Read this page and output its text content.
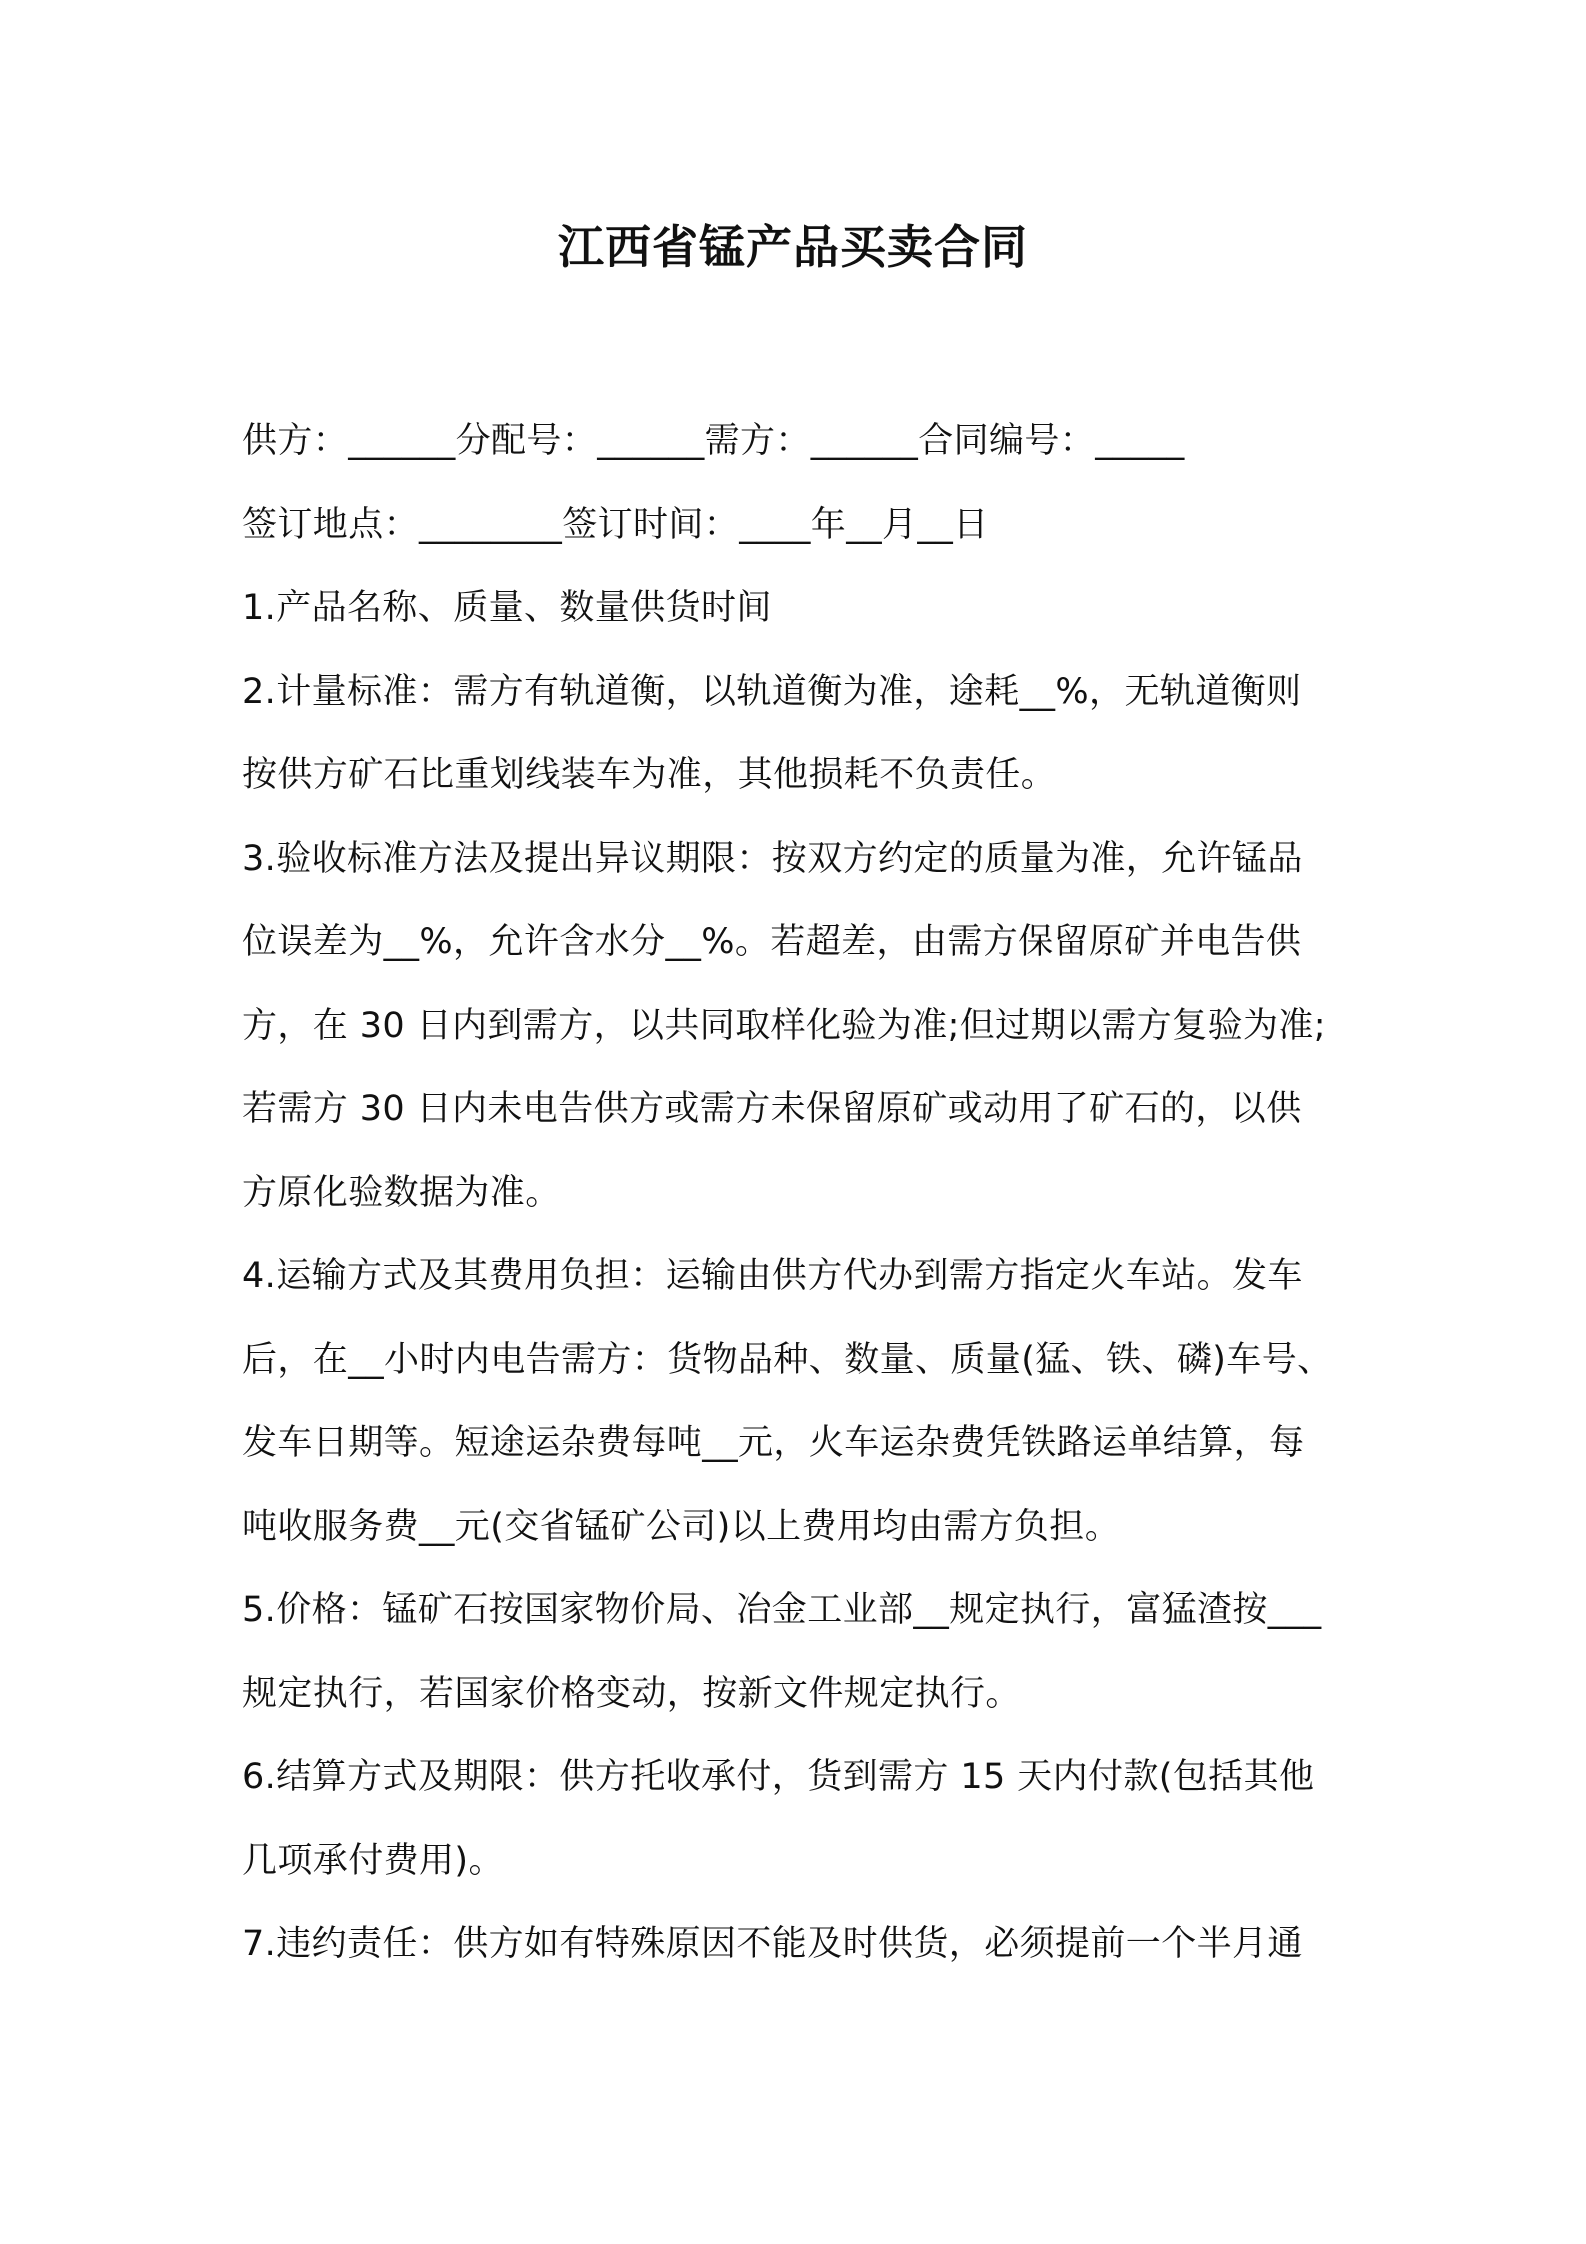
江西省锰产品买卖合同

供方：______分配号：______需方：______合同编号：_____

签订地点：________签订时间：____年__月__日

1.产品名称、质量、数量供货时间

2.计量标准：需方有轨道衡，以轨道衡为准，途耗__%，无轨道衡则

按供方矿石比重划线装车为准，其他损耗不负责任。

3.验收标准方法及提出异议期限：按双方约定的质量为准，允许锰品

位误差为__%，允许含水分__%。若超差，由需方保留原矿并电告供

方，在 30 日内到需方，以共同取样化验为准;但过期以需方复验为准;

若需方 30 日内未电告供方或需方未保留原矿或动用了矿石的，以供

方原化验数据为准。

4.运输方式及其费用负担：运输由供方代办到需方指定火车站。发车

后，在__小时内电告需方：货物品种、数量、质量(猛、铁、磷)车号、

发车日期等。短途运杂费每吨__元，火车运杂费凭铁路运单结算，每

吨收服务费__元(交省锰矿公司)以上费用均由需方负担。

5.价格：锰矿石按国家物价局、冶金工业部__规定执行，富猛渣按___

规定执行，若国家价格变动，按新文件规定执行。

6.结算方式及期限：供方托收承付，货到需方 15 天内付款(包括其他

几项承付费用)。

7.违约责任：供方如有特殊原因不能及时供货，必须提前一个半月通
